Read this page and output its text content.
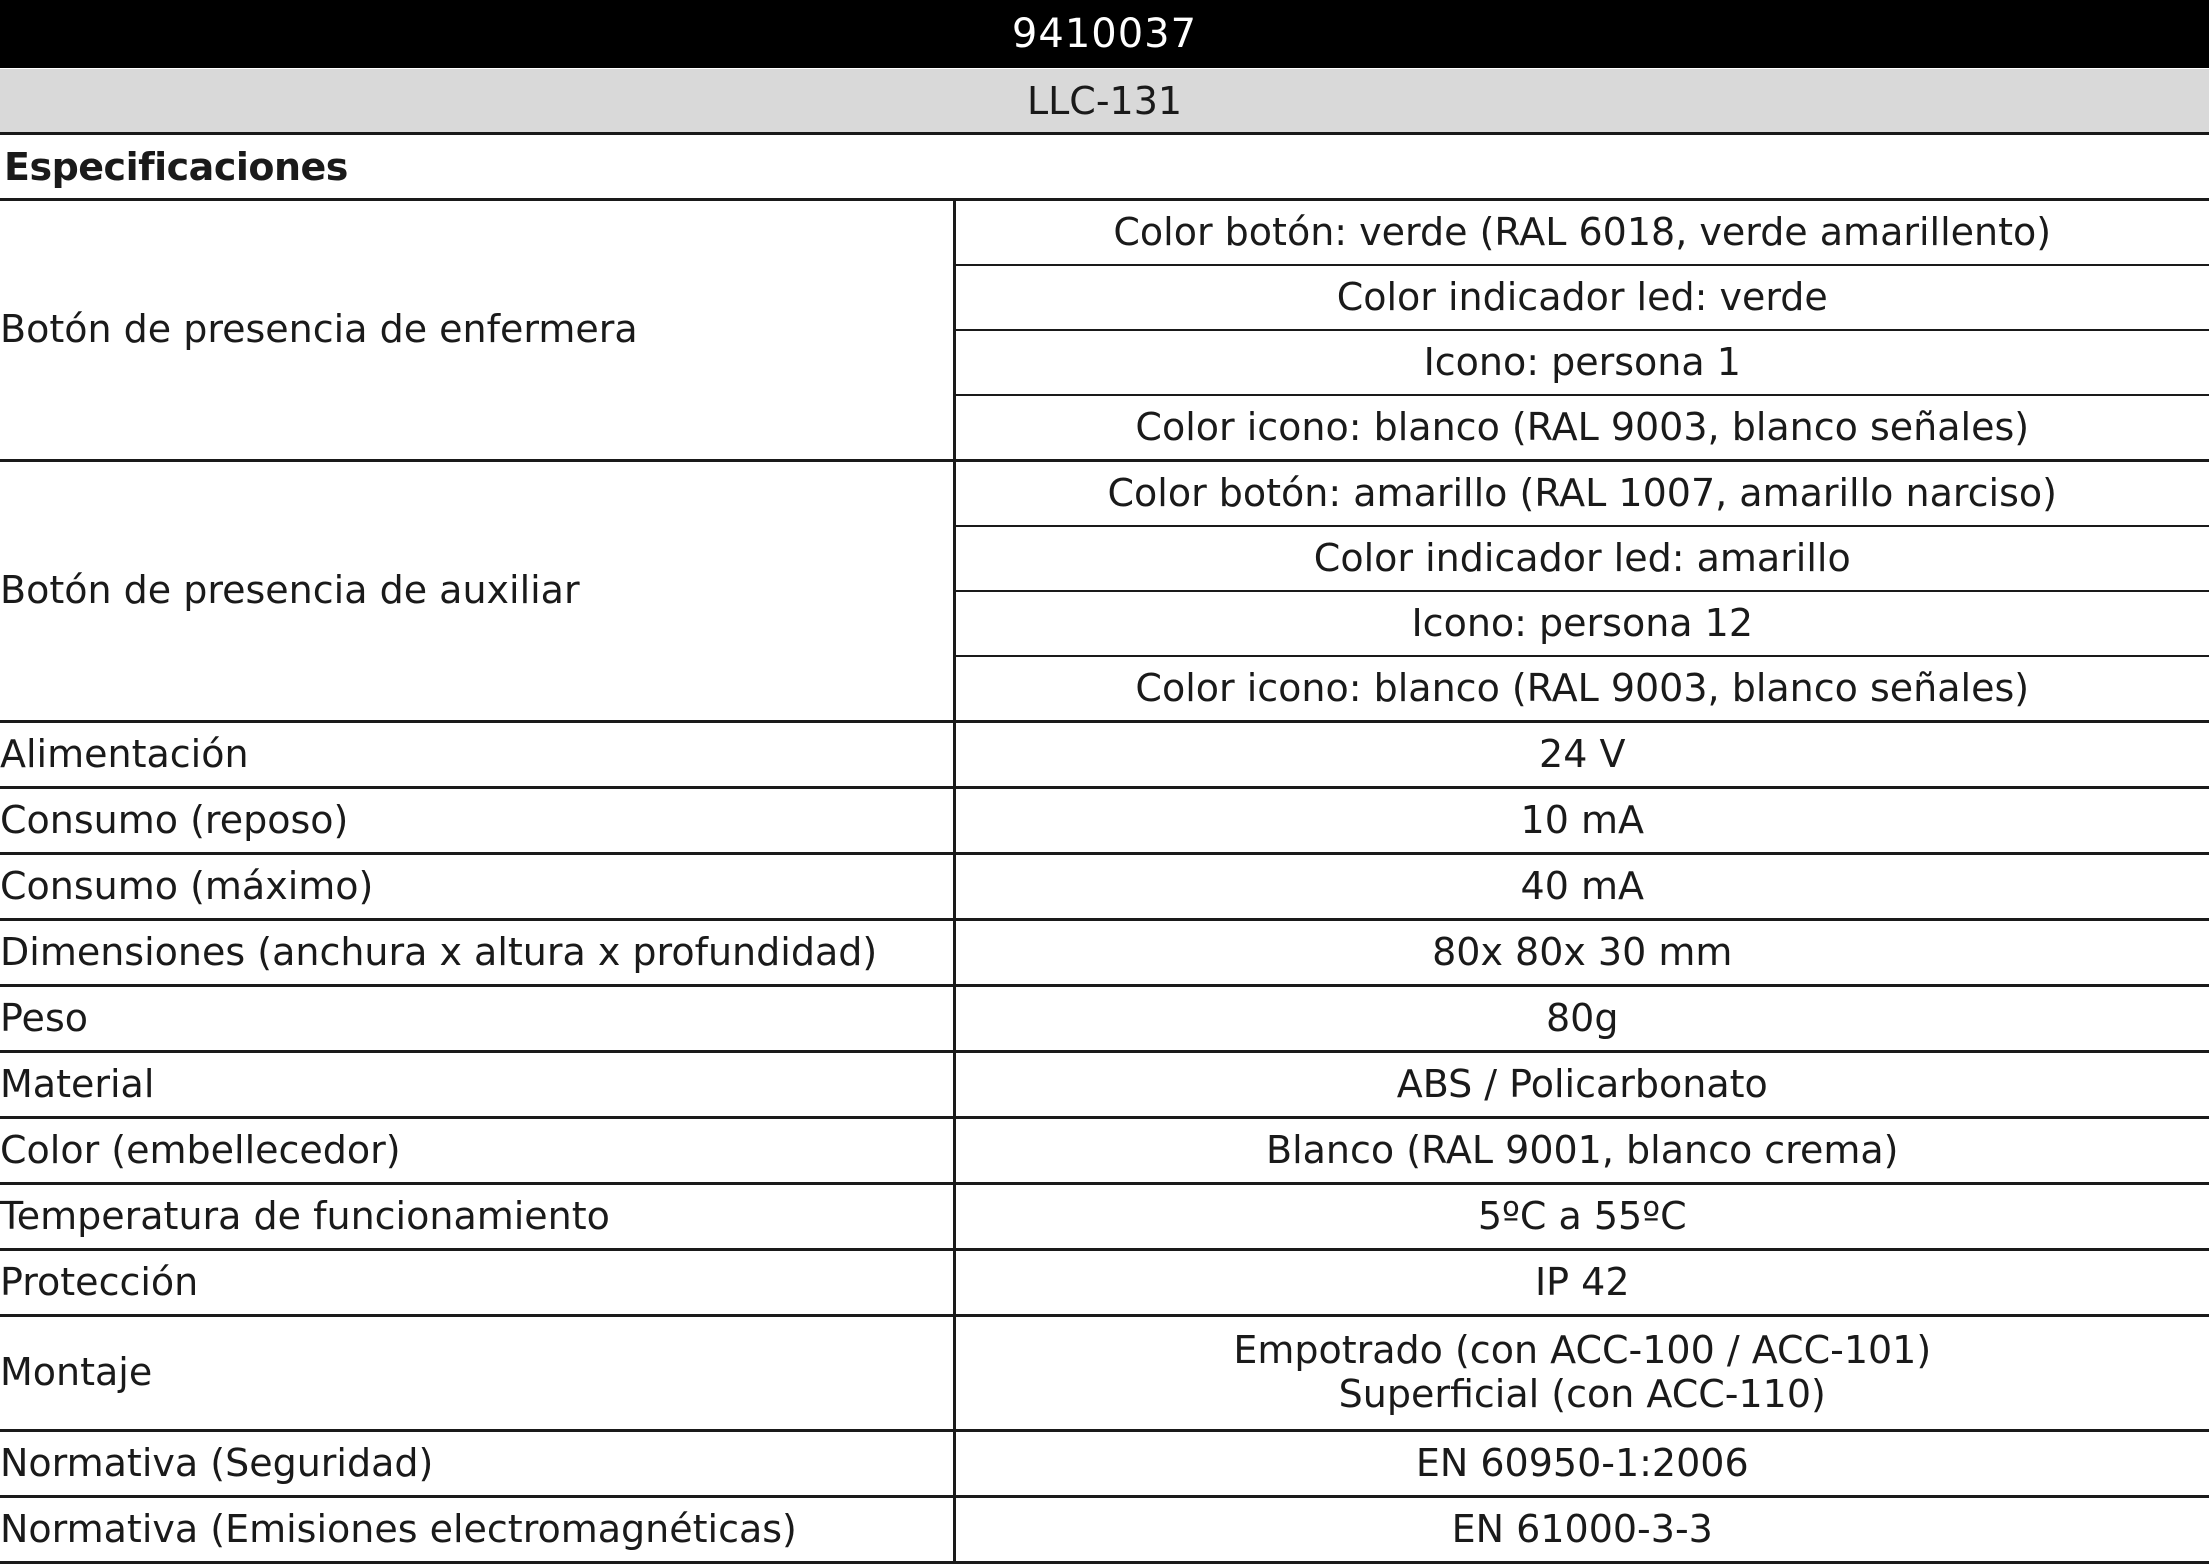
9410037
LLC-131
Especificaciones
Botón de presencia de enfermera	Color botón: verde (RAL 6018, verde amarillento)
	Color indicador led: verde
	Icono: persona 1
	Color icono: blanco (RAL 9003, blanco señales)
Botón de presencia de auxiliar	Color botón: amarillo (RAL 1007, amarillo narciso)
	Color indicador led: amarillo
	Icono: persona 12
	Color icono: blanco (RAL 9003, blanco señales)
Alimentación	24 V
Consumo (reposo)	10 mA
Consumo (máximo)	40 mA
Dimensiones (anchura x altura x profundidad)	80x 80x 30 mm
Peso	80g
Material	ABS / Policarbonato
Color (embellecedor)	Blanco (RAL 9001, blanco crema)
Temperatura de funcionamiento	5ºC a 55ºC
Protección	IP 42
Montaje	Empotrado (con ACC-100 / ACC-101)
Superficial (con ACC-110)

Normativa (Seguridad)	EN 60950-1:2006
Normativa (Emisiones electromagnéticas)	EN 61000-3-3
